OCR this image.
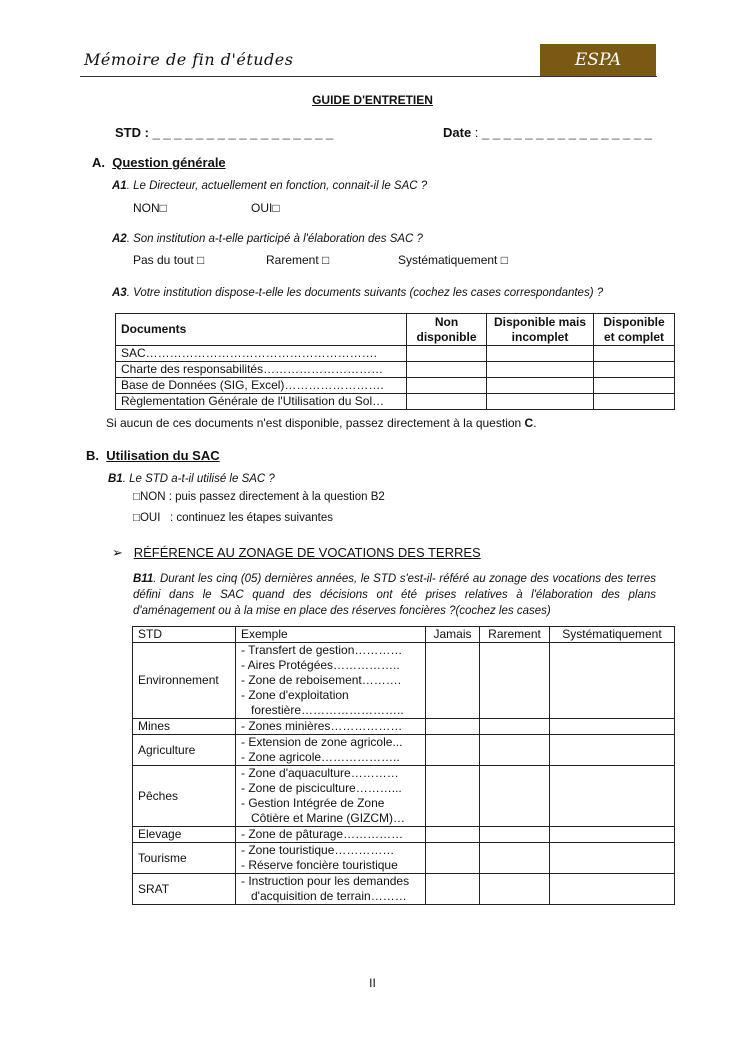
Mémoire de fin d'études	ESPA
GUIDE D'ENTRETIEN
STD : _ _ _ _ _ _ _ _ _ _ _ _ _ _ _ _ _	Date : _ _ _ _ _ _ _ _ _ _ _ _ _ _ _ _
A. Question générale
A1. Le Directeur, actuellement en fonction, connait-il le SAC ?
NON□	OUI□
A2. Son institution a-t-elle participé à l'élaboration des SAC ?
Pas du tout □	Rarement □	Systématiquement □
A3. Votre institution dispose-t-elle les documents suivants (cochez les cases correspondantes) ?
Documents	Non disponible	Disponible mais incomplet	Disponible et complet
SAC………………………………………………….			
Charte des responsabilités…………………………			
Base de Données (SIG, Excel)…………………….			
Règlementation Générale de l'Utilisation du Sol…			
Si aucun de ces documents n'est disponible, passez directement à la question C.
B. Utilisation du SAC
B1. Le STD a-t-il utilisé le SAC ?
□NON : puis passez directement à la question B2
□OUI   : continuez les étapes suivantes
➢ RÉFÉRENCE AU ZONAGE DE VOCATIONS DES TERRES
B11. Durant les cinq (05) dernières années, le STD s'est-il- référé au zonage des vocations des terres défini dans le SAC quand des décisions ont été prises relatives à l'élaboration des plans d'aménagement ou à la mise en place des réserves foncières ?(cochez les cases)
STD	Exemple	Jamais	Rarement	Systématiquement
Environnement	- Transfert de gestion…………
- Aires Protégées……………..
- Zone de reboisement……….
- Zone d'exploitation forestière……………………..			

Mines	- Zones minières………………			

Agriculture	- Extension de zone agricole...
- Zone agricole………………..			

Pêches	- Zone d'aquaculture…………
- Zone de pisciculture………...
- Gestion Intégrée de Zone Côtière et Marine (GIZCM)…			

Elevage	- Zone de pâturage……………			

Tourisme	- Zone touristique……………
- Réserve foncière touristique			

SRAT	- Instruction pour les demandes d'acquisition de terrain………			

II
